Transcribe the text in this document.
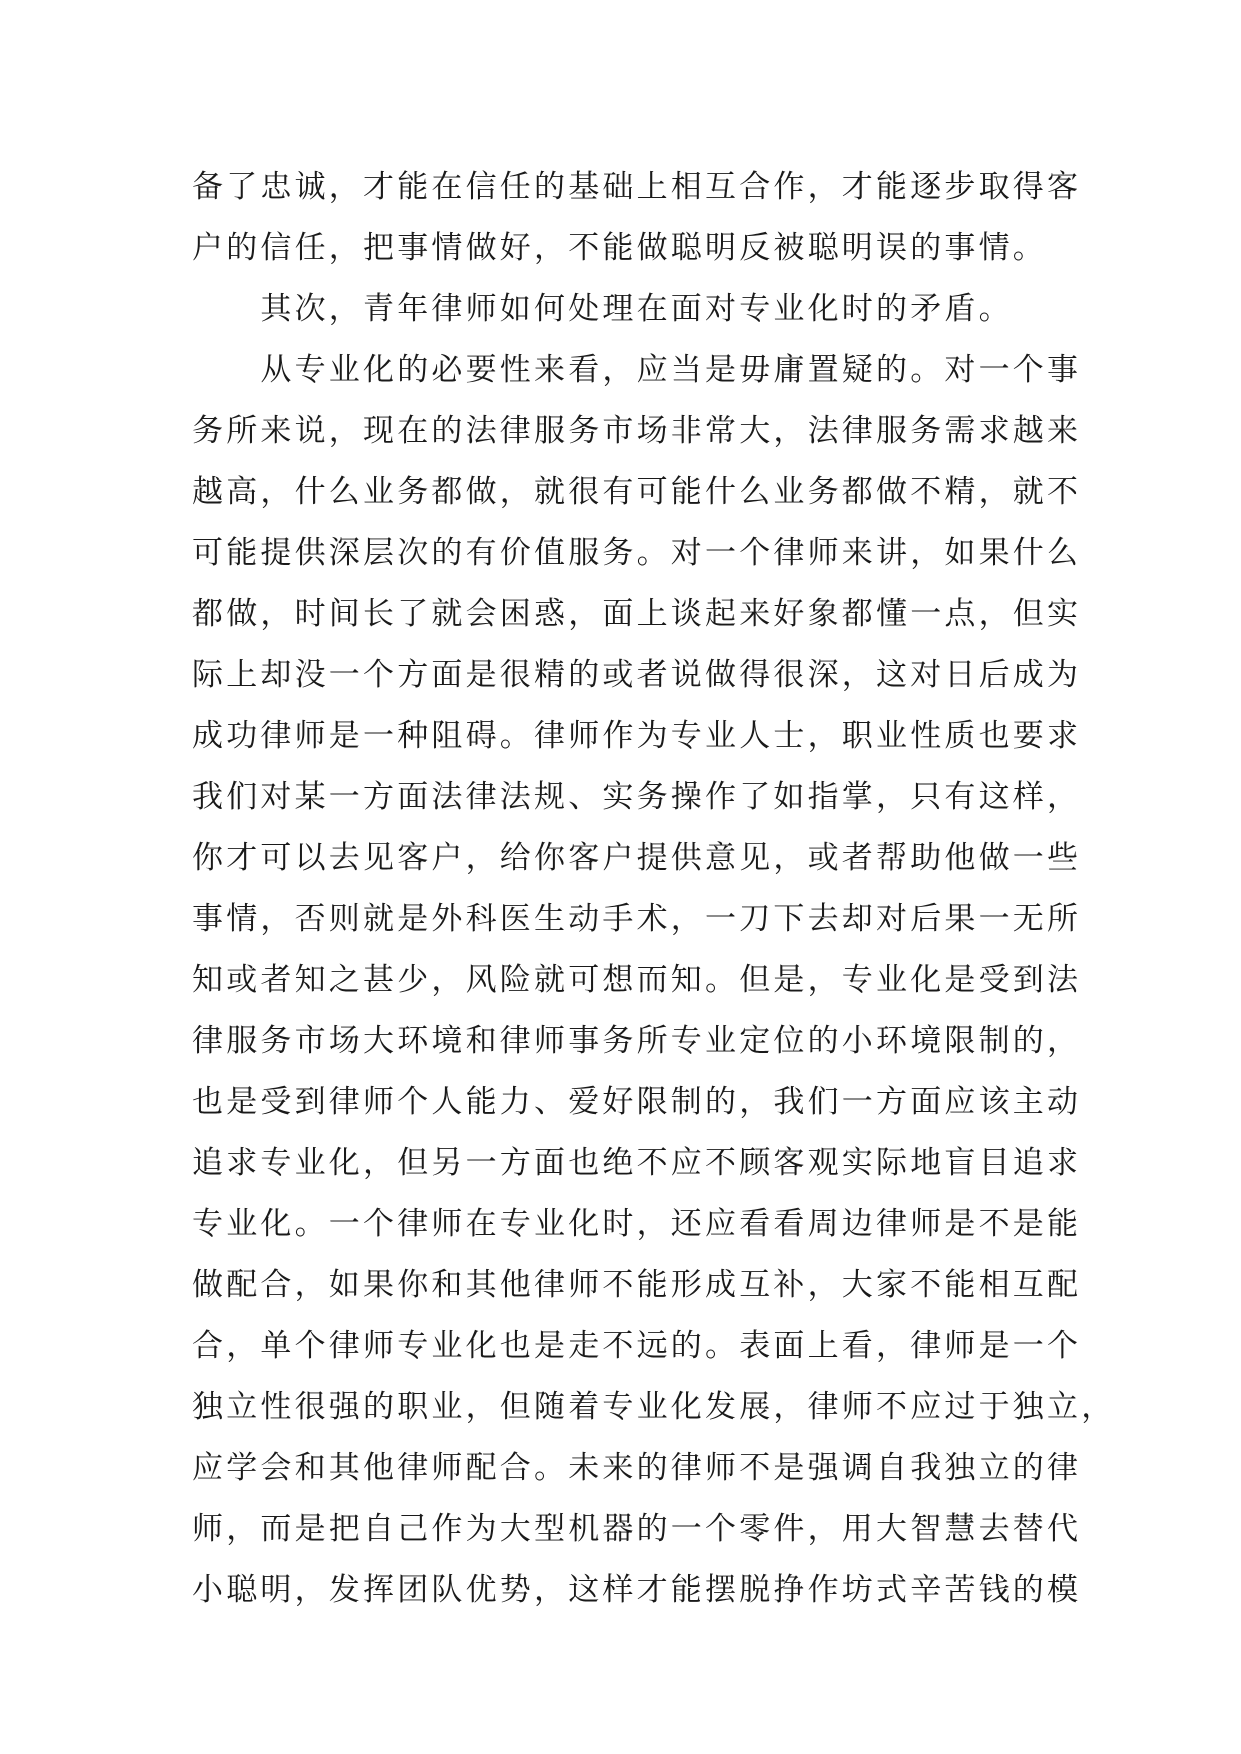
备了忠诚，才能在信任的基础上相互合作，才能逐步取得客
户的信任，把事情做好，不能做聪明反被聪明误的事情。
　　其次，青年律师如何处理在面对专业化时的矛盾。
　　从专业化的必要性来看，应当是毋庸置疑的。对一个事
务所来说，现在的法律服务市场非常大，法律服务需求越来
越高，什么业务都做，就很有可能什么业务都做不精，就不
可能提供深层次的有价值服务。对一个律师来讲，如果什么
都做，时间长了就会困惑，面上谈起来好象都懂一点，但实
际上却没一个方面是很精的或者说做得很深，这对日后成为
成功律师是一种阻碍。律师作为专业人士，职业性质也要求
我们对某一方面法律法规、实务操作了如指掌，只有这样，
你才可以去见客户，给你客户提供意见，或者帮助他做一些
事情，否则就是外科医生动手术，一刀下去却对后果一无所
知或者知之甚少，风险就可想而知。但是，专业化是受到法
律服务市场大环境和律师事务所专业定位的小环境限制的，
也是受到律师个人能力、爱好限制的，我们一方面应该主动
追求专业化，但另一方面也绝不应不顾客观实际地盲目追求
专业化。一个律师在专业化时，还应看看周边律师是不是能
做配合，如果你和其他律师不能形成互补，大家不能相互配
合，单个律师专业化也是走不远的。表面上看，律师是一个
独立性很强的职业，但随着专业化发展，律师不应过于独立，
应学会和其他律师配合。未来的律师不是强调自我独立的律
师，而是把自己作为大型机器的一个零件，用大智慧去替代
小聪明，发挥团队优势，这样才能摆脱挣作坊式辛苦钱的模
